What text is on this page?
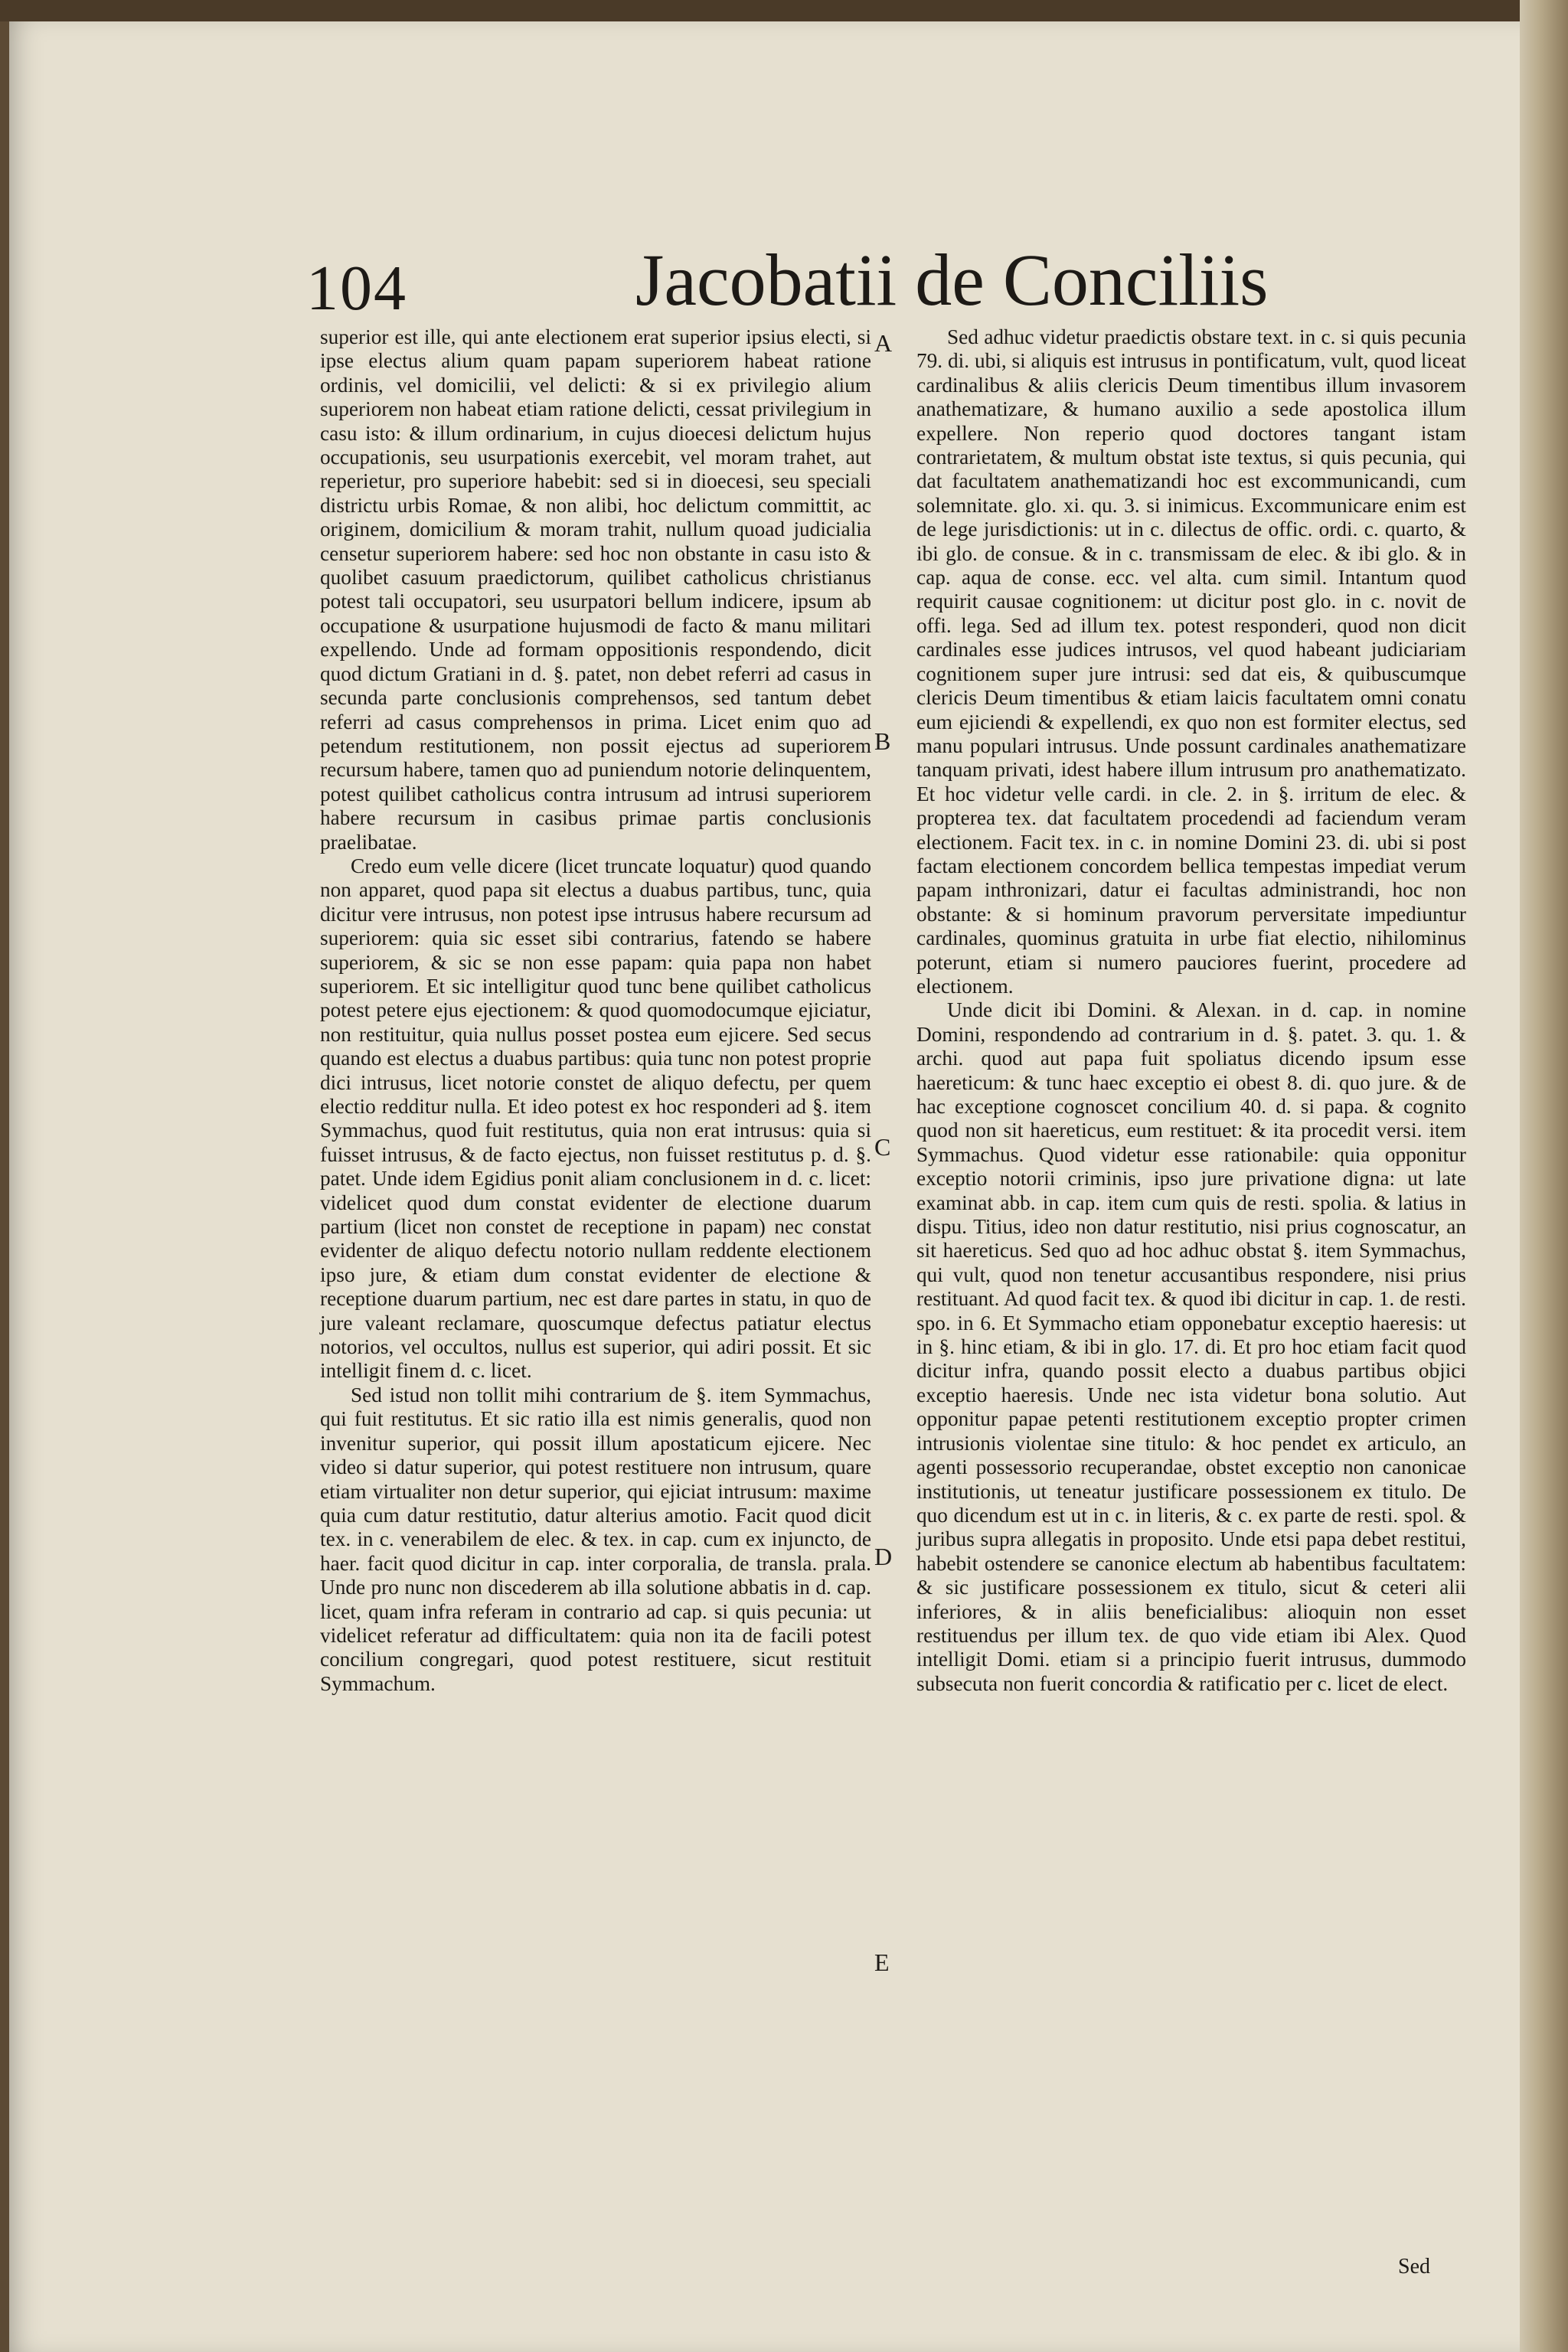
104	Jacobatii de Conciliis

superior est ille, qui ante electionem erat superior ipsius electi, si ipse electus alium quam papam superiorem habeat ratione ordinis, vel domicilii, vel delicti: & si ex privilegio alium superiorem non habeat etiam ratione delicti, cessat privilegium in casu isto: & illum ordinarium, in cujus dioecesi delictum hujus occupationis, seu usurpationis exercebit, vel moram trahet, aut reperietur, pro superiore habebit: sed si in dioecesi, seu speciali districtu urbis Romae, & non alibi, hoc delictum committit, ac originem, domicilium & moram trahit, nullum quoad judicialia censetur superiorem habere: sed hoc non obstante in casu isto & quolibet casuum praedictorum, quilibet catholicus christianus potest tali occupatori, seu usurpatori bellum indicere, ipsum ab occupatione & usurpatione hujusmodi de facto & manu militari expellendo. Unde ad formam oppositionis respondendo, dicit quod dictum Gratiani in d. §. patet, non debet referri ad casus in secunda parte conclusionis comprehensos, sed tantum debet referri ad casus comprehensos in prima. Licet enim quo ad petendum restitutionem, non possit ejectus ad superiorem recursum habere, tamen quo ad puniendum notorie delinquentem, potest quilibet catholicus contra intrusum ad intrusi superiorem habere recursum in casibus primae partis conclusionis praelibatae.

Credo eum velle dicere (licet truncate loquatur) quod quando non apparet, quod papa sit electus a duabus partibus, tunc, quia dicitur vere intrusus, non potest ipse intrusus habere recursum ad superiorem: quia sic esset sibi contrarius, fatendo se habere superiorem, & sic se non esse papam: quia papa non habet superiorem. Et sic intelligitur quod tunc bene quilibet catholicus potest petere ejus ejectionem: & quod quomodocumque ejiciatur, non restituitur, quia nullus posset postea eum ejicere. Sed secus quando est electus a duabus partibus: quia tunc non potest proprie dici intrusus, licet notorie constet de aliquo defectu, per quem electio redditur nulla. Et ideo potest ex hoc responderi ad §. item Symmachus, quod fuit restitutus, quia non erat intrusus: quia si fuisset intrusus, & de facto ejectus, non fuisset restitutus p. d. §. patet. Unde idem Egidius ponit aliam conclusionem in d. c. licet: videlicet quod dum constat evidenter de electione duarum partium (licet non constet de receptione in papam) nec constat evidenter de aliquo defectu notorio nullam reddente electionem ipso jure, & etiam dum constat evidenter de electione & receptione duarum partium, nec est dare partes in statu, in quo de jure valeant reclamare, quoscumque defectus patiatur electus notorios, vel occultos, nullus est superior, qui adiri possit. Et sic intelligit finem d. c. licet.

Sed istud non tollit mihi contrarium de §. item Symmachus, qui fuit restitutus. Et sic ratio illa est nimis generalis, quod non invenitur superior, qui possit illum apostaticum ejicere. Nec video si datur superior, qui potest restituere non intrusum, quare etiam virtualiter non detur superior, qui ejiciat intrusum: maxime quia cum datur restitutio, datur alterius amotio. Facit quod dicit tex. in c. venerabilem de elec. & tex. in cap. cum ex injuncto, de haer. facit quod dicitur in cap. inter corporalia, de transla. prala. Unde pro nunc non discederem ab illa solutione abbatis in d. cap. licet, quam infra referam in contrario ad cap. si quis pecunia: ut videlicet referatur ad difficultatem: quia non ita de facili potest concilium congregari, quod potest restituere, sicut restituit Symmachum.

Sed adhuc videtur praedictis obstare text. in c. si quis pecunia 79. di. ubi, si aliquis est intrusus in pontificatum, vult, quod liceat cardinalibus & aliis clericis Deum timentibus illum invasorem anathematizare, & humano auxilio a sede apostolica illum expellere. Non reperio quod doctores tangant istam contrarietatem, & multum obstat iste textus, si quis pecunia, qui dat facultatem anathematizandi hoc est excommunicandi, cum solemnitate. glo. xi. qu. 3. si inimicus. Excommunicare enim est de lege jurisdictionis: ut in c. dilectus de offic. ordi. c. quarto, & ibi glo. de consue. & in c. transmissam de elec. & ibi glo. & in cap. aqua de conse. ecc. vel alta. cum simil. Intantum quod requirit causae cognitionem: ut dicitur post glo. in c. novit de offi. lega. Sed ad illum tex. potest responderi, quod non dicit cardinales esse judices intrusos, vel quod habeant judiciariam cognitionem super jure intrusi: sed dat eis, & quibuscumque clericis Deum timentibus & etiam laicis facultatem omni conatu eum ejiciendi & expellendi, ex quo non est formiter electus, sed manu populari intrusus. Unde possunt cardinales anathematizare tanquam privati, idest habere illum intrusum pro anathematizato. Et hoc videtur velle cardi. in cle. 2. in §. irritum de elec. & propterea tex. dat facultatem procedendi ad faciendum veram electionem. Facit tex. in c. in nomine Domini 23. di. ubi si post factam electionem concordem bellica tempestas impediat verum papam inthronizari, datur ei facultas administrandi, hoc non obstante: & si hominum pravorum perversitate impediuntur cardinales, quominus gratuita in urbe fiat electio, nihilominus poterunt, etiam si numero pauciores fuerint, procedere ad electionem.

Unde dicit ibi Domini. & Alexan. in d. cap. in nomine Domini, respondendo ad contrarium in d. §. patet. 3. qu. 1. & archi. quod aut papa fuit spoliatus dicendo ipsum esse haereticum: & tunc haec exceptio ei obest 8. di. quo jure. & de hac exceptione cognoscet concilium 40. d. si papa. & cognito quod non sit haereticus, eum restituet: & ita procedit versi. item Symmachus. Quod videtur esse rationabile: quia opponitur exceptio notorii criminis, ipso jure privatione digna: ut late examinat abb. in cap. item cum quis de resti. spolia. & latius in dispu. Titius, ideo non datur restitutio, nisi prius cognoscatur, an sit haereticus. Sed quo ad hoc adhuc obstat §. item Symmachus, qui vult, quod non tenetur accusantibus respondere, nisi prius restituant. Ad quod facit tex. & quod ibi dicitur in cap. 1. de resti. spo. in 6. Et Symmacho etiam opponebatur exceptio haeresis: ut in §. hinc etiam, & ibi in glo. 17. di. Et pro hoc etiam facit quod dicitur infra, quando possit electo a duabus partibus objici exceptio haeresis. Unde nec ista videtur bona solutio. Aut opponitur papae petenti restitutionem exceptio propter crimen intrusionis violentae sine titulo: & hoc pendet ex articulo, an agenti possessorio recuperandae, obstet exceptio non canonicae institutionis, ut teneatur justificare possessionem ex titulo. De quo dicendum est ut in c. in literis, & c. ex parte de resti. spol. & juribus supra allegatis in proposito. Unde etsi papa debet restitui, habebit ostendere se canonice electum ab habentibus facultatem: & sic justificare possessionem ex titulo, sicut & ceteri alii inferiores, & in aliis beneficialibus: alioquin non esset restituendus per illum tex. de quo vide etiam ibi Alex. Quod intelligit Domi. etiam si a principio fuerit intrusus, dummodo subsecuta non fuerit concordia & ratificatio per c. licet de elect.

A
B
C
D
E
Sed
